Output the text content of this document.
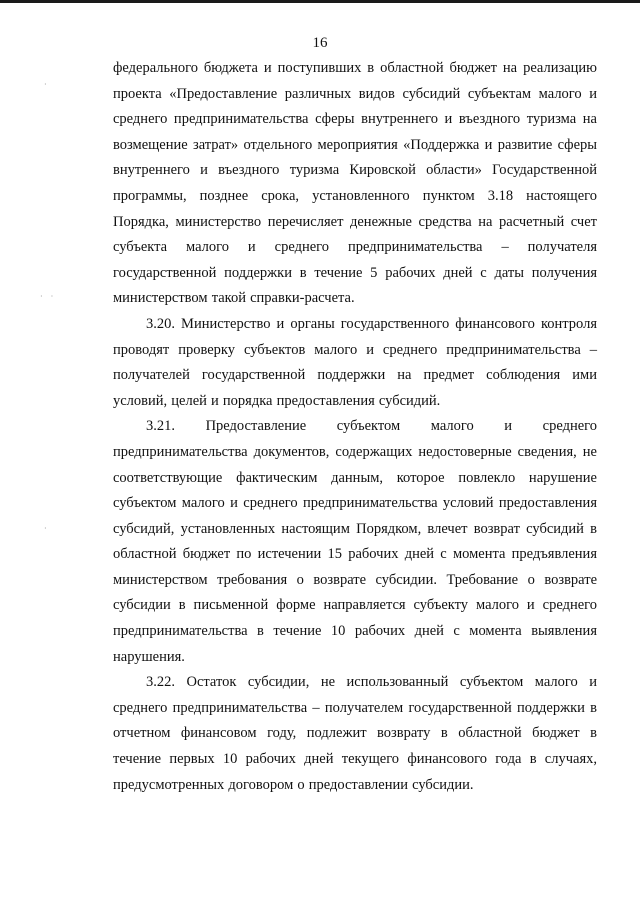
·
· ·
·
16

федерального бюджета и поступивших в областной бюджет на реализацию
проекта «Предоставление различных видов субсидий субъектам малого и
среднего предпринимательства сферы внутреннего и въездного туризма на
возмещение затрат» отдельного мероприятия «Поддержка и развитие сферы
внутреннего и въездного туризма Кировской области» Государственной
программы, позднее срока, установленного пунктом 3.18 настоящего
Порядка, министерство перечисляет денежные средства на расчетный счет
субъекта малого и среднего предпринимательства – получателя
государственной поддержки в течение 5 рабочих дней с даты получения
министерством такой справки-расчета.

3.20. Министерство и органы государственного финансового контроля
проводят проверку субъектов малого и среднего предпринимательства –
получателей государственной поддержки на предмет соблюдения ими
условий, целей и порядка предоставления субсидий.

3.21. Предоставление субъектом малого и среднего
предпринимательства документов, содержащих недостоверные сведения, не
соответствующие фактическим данным, которое повлекло нарушение
субъектом малого и среднего предпринимательства условий предоставления
субсидий, установленных настоящим Порядком, влечет возврат субсидий в
областной бюджет по истечении 15 рабочих дней с момента предъявления
министерством требования о возврате субсидии. Требование о возврате
субсидии в письменной форме направляется субъекту малого и среднего
предпринимательства в течение 10 рабочих дней с момента выявления
нарушения.

3.22. Остаток субсидии, не использованный субъектом малого и
среднего предпринимательства – получателем государственной поддержки в
отчетном финансовом году, подлежит возврату в областной бюджет в
течение первых 10 рабочих дней текущего финансового года в случаях,
предусмотренных договором о предоставлении субсидии.
